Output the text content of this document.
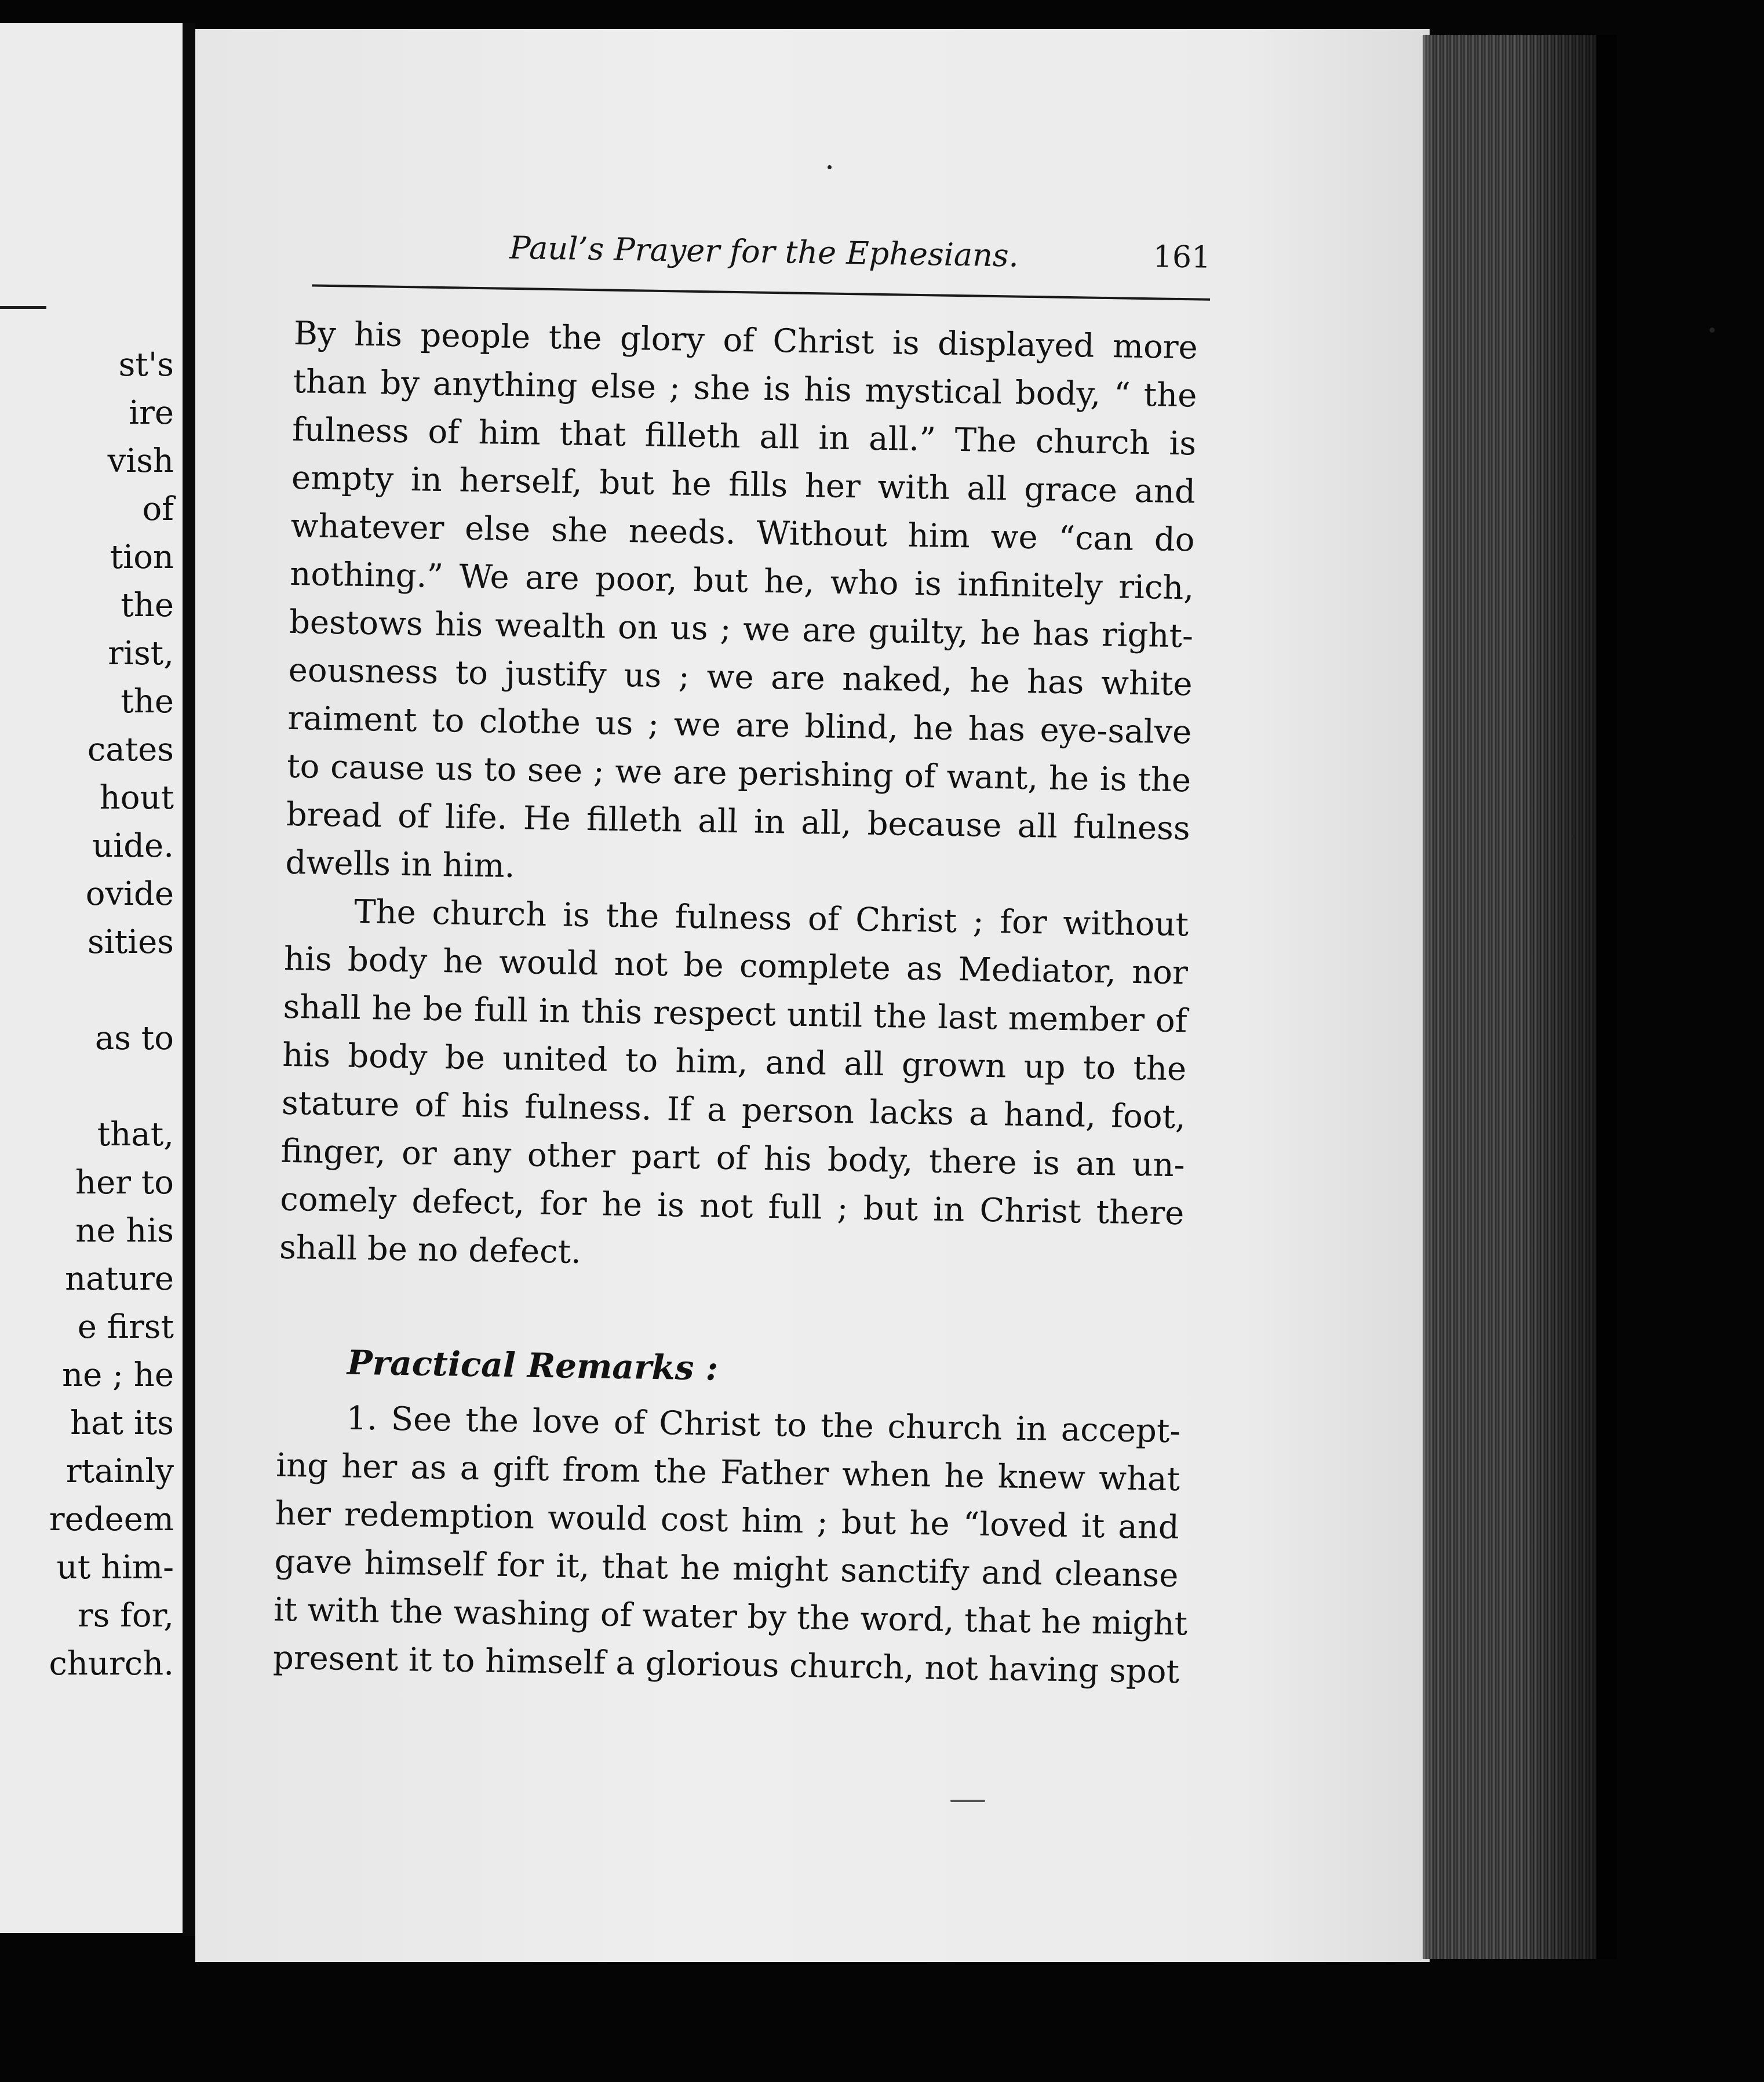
st's
ire
vish
of
tion
the
rist,
the
cates
hout
uide.
ovide
sities
as to
that,
her to
ne his
nature
e first
ne ; he
hat its
rtainly
redeem
ut him-
rs for,
church.
Paul’s Prayer for the Ephesians.	161
By his people the glory of Christ is displayed more
than by anything else ; she is his mystical body, “ the
fulness of him that filleth all in all.” The church is
empty in herself, but he fills her with all grace and
whatever else she needs. Without him we “can do
nothing.” We are poor, but he, who is infinitely rich,
bestows his wealth on us ; we are guilty, he has right-
eousness to justify us ; we are naked, he has white
raiment to clothe us ; we are blind, he has eye-salve
to cause us to see ; we are perishing of want, he is the
bread of life. He filleth all in all, because all fulness
dwells in him.
The church is the fulness of Christ ; for without
his body he would not be complete as Mediator, nor
shall he be full in this respect until the last member of
his body be united to him, and all grown up to the
stature of his fulness. If a person lacks a hand, foot,
finger, or any other part of his body, there is an un-
comely defect, for he is not full ; but in Christ there
shall be no defect.
Practical Remarks :
1. See the love of Christ to the church in accept-
ing her as a gift from the Father when he knew what
her redemption would cost him ; but he “loved it and
gave himself for it, that he might sanctify and cleanse
it with the washing of water by the word, that he might
present it to himself a glorious church, not having spot
